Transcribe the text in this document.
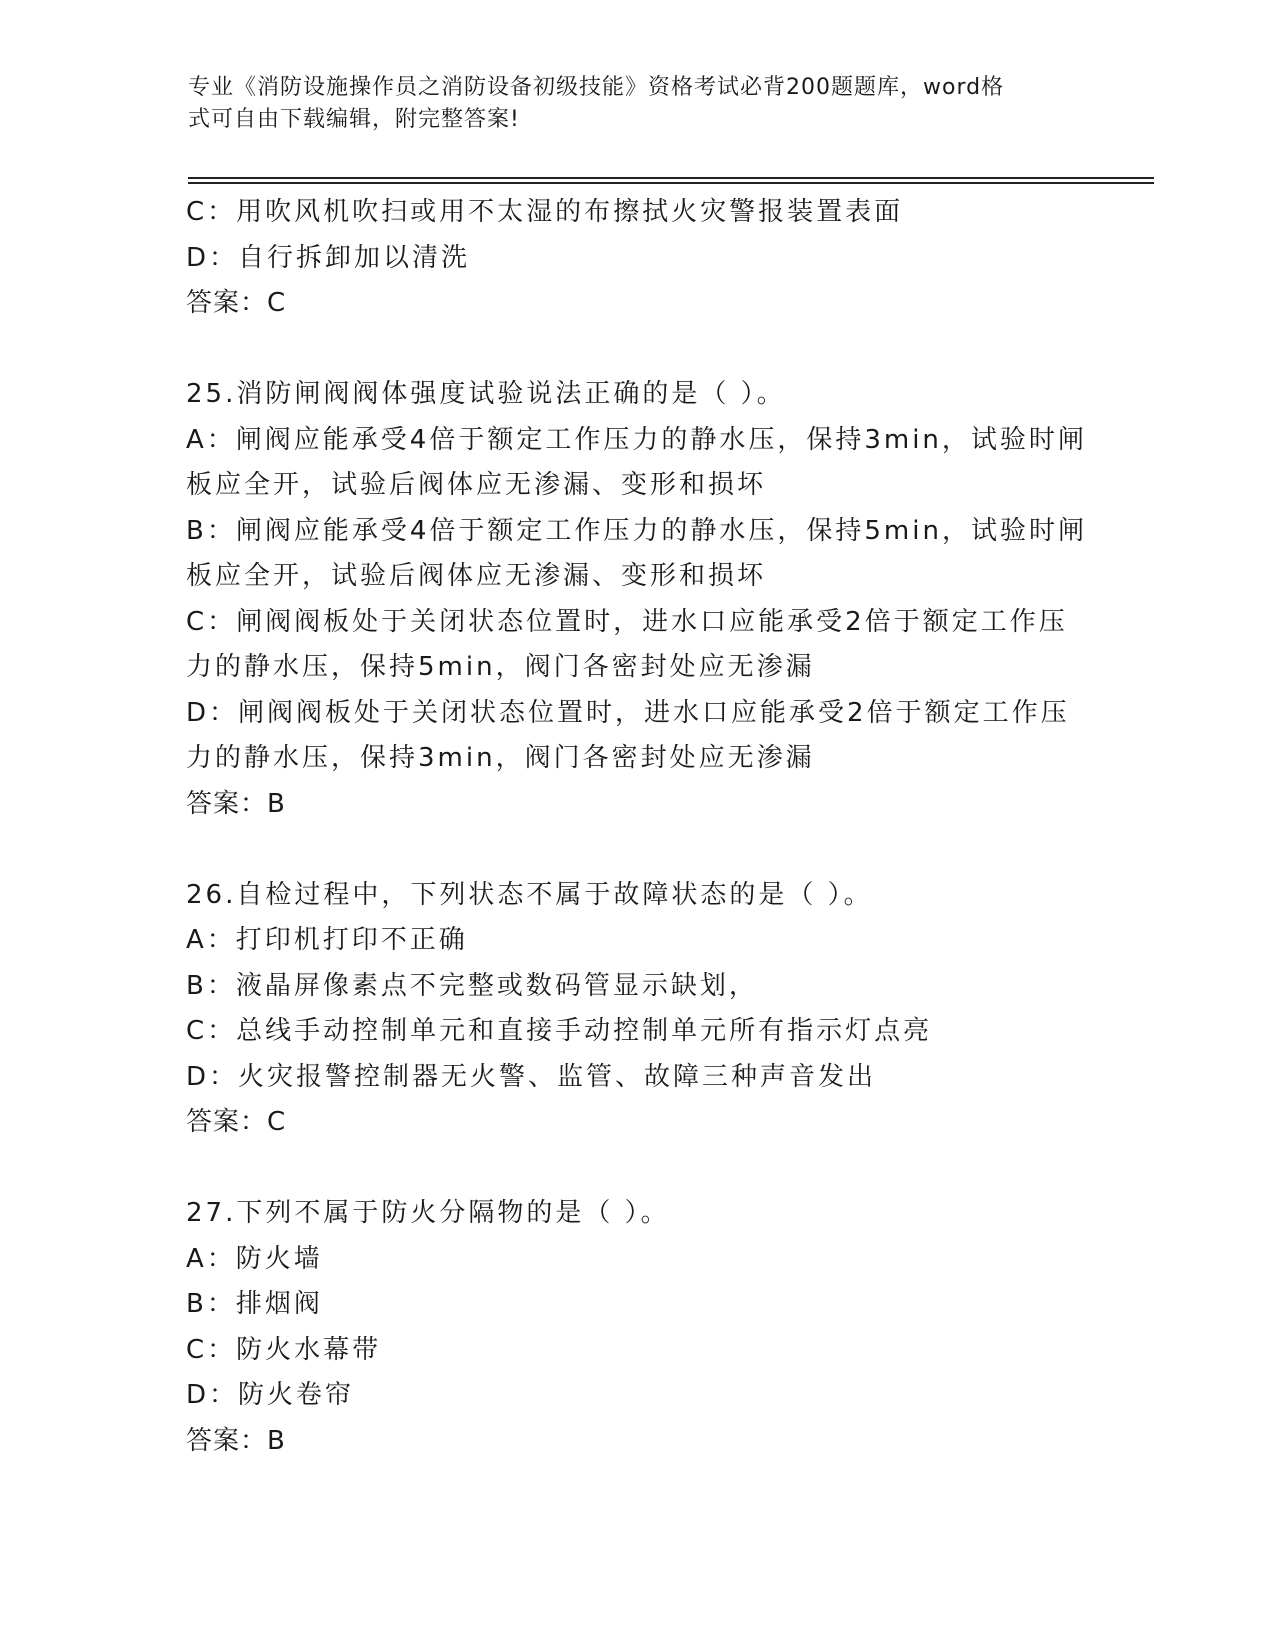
专业《消防设施操作员之消防设备初级技能》资格考试必背200题题库，word格
式可自由下载编辑，附完整答案!
C：用吹风机吹扫或用不太湿的布擦拭火灾警报装置表面
D：自行拆卸加以清洗
答案：C
25.消防闸阀阀体强度试验说法正确的是（ ）。
A：闸阀应能承受4倍于额定工作压力的静水压，保持3min，试验时闸
板应全开，试验后阀体应无渗漏、变形和损坏
B：闸阀应能承受4倍于额定工作压力的静水压，保持5min，试验时闸
板应全开，试验后阀体应无渗漏、变形和损坏
C：闸阀阀板处于关闭状态位置时，进水口应能承受2倍于额定工作压
力的静水压，保持5min，阀门各密封处应无渗漏
D：闸阀阀板处于关闭状态位置时，进水口应能承受2倍于额定工作压
力的静水压，保持3min，阀门各密封处应无渗漏
答案：B
26.自检过程中，下列状态不属于故障状态的是（ ）。
A：打印机打印不正确
B：液晶屏像素点不完整或数码管显示缺划，
C：总线手动控制单元和直接手动控制单元所有指示灯点亮
D：火灾报警控制器无火警、监管、故障三种声音发出
答案：C
27.下列不属于防火分隔物的是（ ）。
A：防火墙
B：排烟阀
C：防火水幕带
D：防火卷帘
答案：B
